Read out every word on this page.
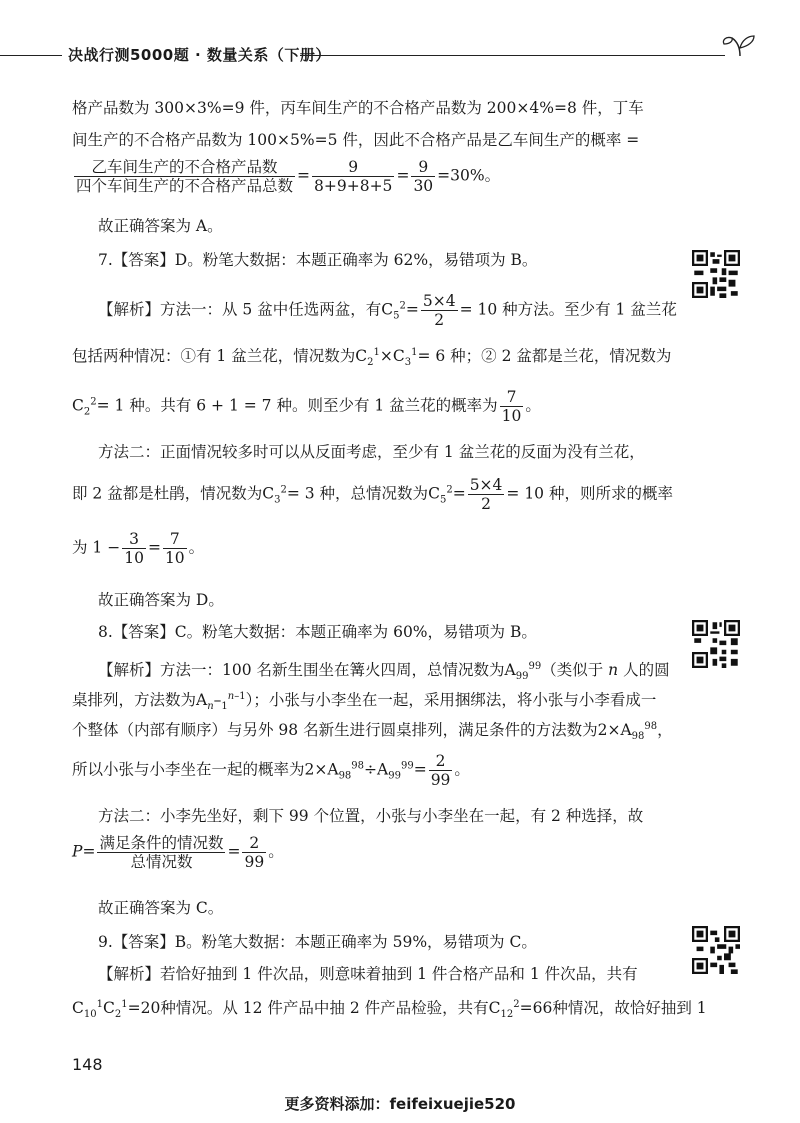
决战行测5000题 · 数量关系（下册）
格产品数为 300×3%=9 件，丙车间生产的不合格产品数为 200×4%=8 件，丁车
间生产的不合格产品数为 100×5%=5 件，因此不合格产品是乙车间生产的概率 =
$\frac{\text{乙车间生产的不合格产品数}}{\text{四个车间生产的不合格产品总数}} = \frac{9}{8+9+8+5} = \frac{9}{30} =30\%$。
故正确答案为 A。
7.【答案】D。粉笔大数据：本题正确率为 62%，易错项为 B。
【解析】方法一：从 5 盆中任选两盆，有$C_5^2= \frac{5\times 4}{2} = 10$ 种方法。至少有 1 盆兰花
包括两种情况：①有 1 盆兰花，情况数为$C_2^1\times C_3^1= 6$ 种；② 2 盆都是兰花，情况数为
$C_2^2= 1$ 种。共有 6 + 1 = 7 种。则至少有 1 盆兰花的概率为 $\frac{7}{10}$ 。
方法二：正面情况较多时可以从反面考虑，至少有 1 盆兰花的反面为没有兰花，
即 2 盆都是杜鹃，情况数为$C_3^2= 3$ 种，总情况数为$C_5^2= \frac{5\times 4}{2} = 10$ 种，则所求的概率
为 $1 - \frac{3}{10} = \frac{7}{10}$ 。
故正确答案为 D。
8.【答案】C。粉笔大数据：本题正确率为 60%，易错项为 B。
【解析】方法一：100 名新生围坐在篝火四周，总情况数为$A_{99}^{99}$（类似于 n 人的圆
桌排列，方法数为$A_n-_1^{n-1}$）；小张与小李坐在一起，采用捆绑法，将小张与小李看成一
个整体（内部有顺序）与另外 98 名新生进行圆桌排列，满足条件的方法数为$2\times A_{98}^{98}$，
所以小张与小李坐在一起的概率为$2\times A_{98}^{98}\div A_{99}^{99}= \frac{2}{99}$ 。
方法二：小李先坐好，剩下 99 个位置，小张与小李坐在一起，有 2 种选择，故
$P= \frac{\text{满足条件的情况数}}{\text{总情况数}} = \frac{2}{99}$ 。
故正确答案为 C。
9.【答案】B。粉笔大数据：本题正确率为 59%，易错项为 C。
【解析】若恰好抽到 1 件次品，则意味着抽到 1 件合格产品和 1 件次品，共有
$C_{10}^1C_2^1=20$种情况。从 12 件产品中抽 2 件产品检验，共有$C_{12}^2=66$种情况，故恰好抽到 1
148
更多资料添加：feifeixuejie520
